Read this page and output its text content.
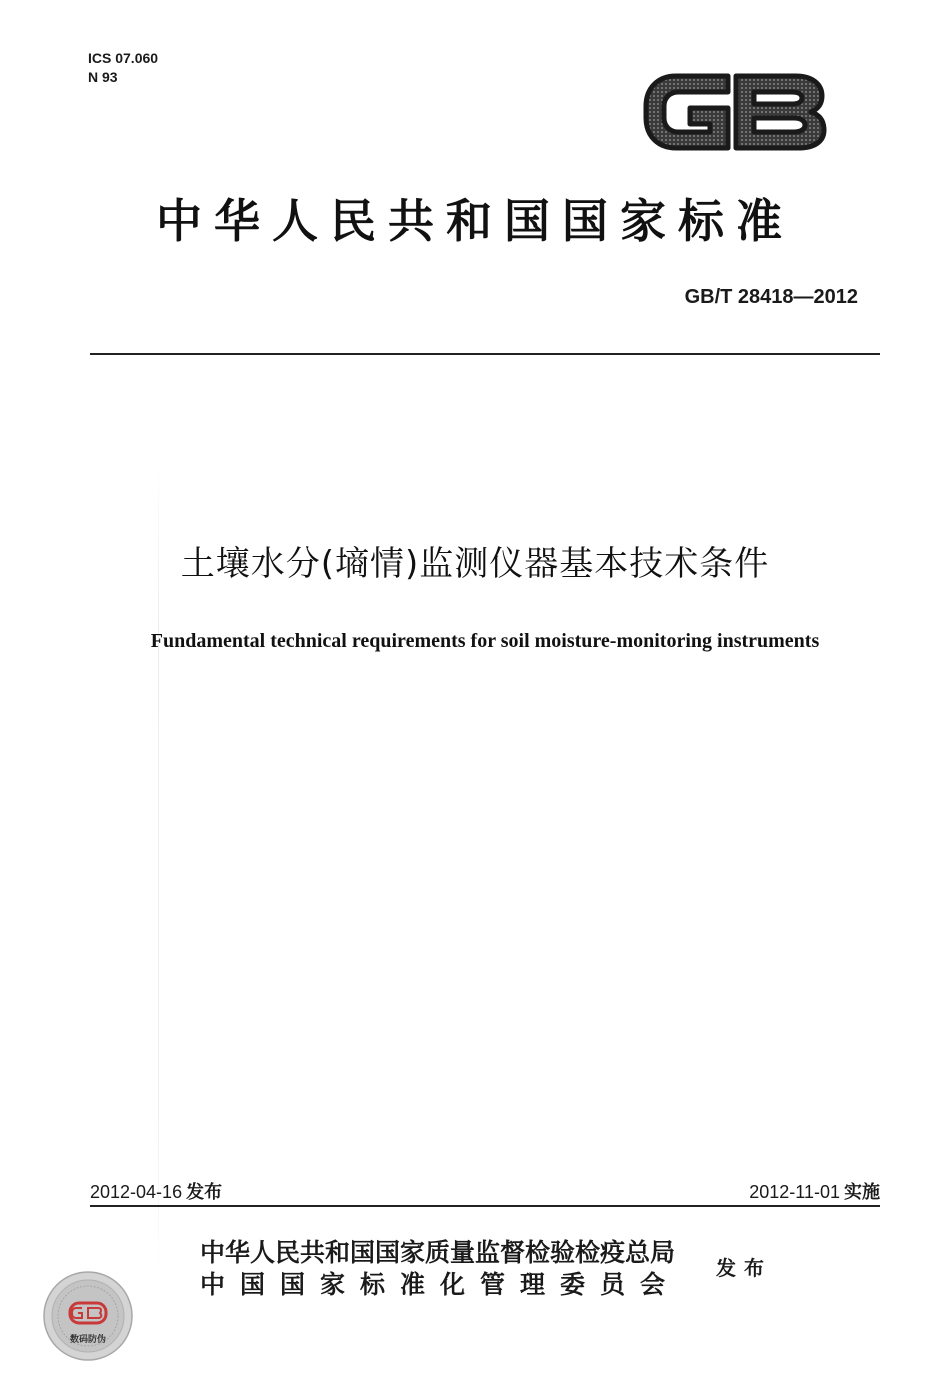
ICS 07.060
N 93
中华人民共和国国家标准
GB/T 28418—2012
土壤水分(墒情)监测仪器基本技术条件
Fundamental technical requirements for soil moisture-monitoring instruments
2012-04-16 发布	2012-11-01 实施
中华人民共和国国家质量监督检验检疫总局
中国国家标准化管理委员会
发布
数码防伪
